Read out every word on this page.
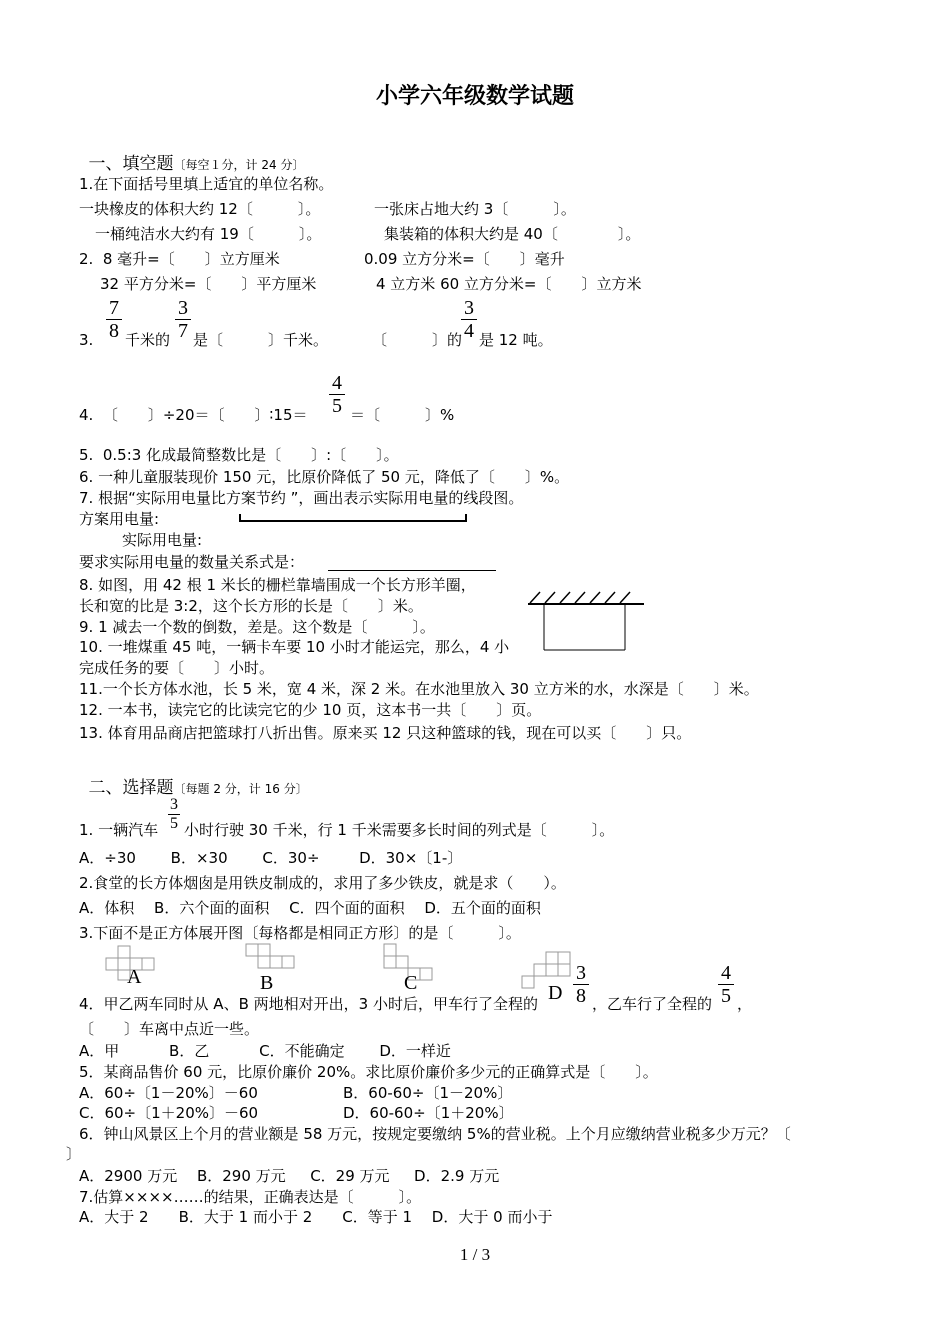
小学六年级数学试题

一、填空题〔每空１分，计 24 分〕

1.在下面括号里填上适宜的单位名称。
一块橡皮的体积大约 12〔　　　〕。	一张床占地大约 3〔　　　〕。
一桶纯洁水大约有 19〔　　　〕。	集装箱的体积大约是 40〔　　　　〕。
2.  8 毫升=〔　　〕立方厘米	0.09 立方分米=〔　　〕毫升
32 平方分米=〔　　〕平方厘米	4 立方米 60 立方分米=〔　　〕立方米
3.
7
8 千米的
3
7 是〔　　　〕千米。	〔　　　〕的
3
4 是 12 吨。
4.  〔　　〕÷20＝〔　　〕∶15＝
4
5 ＝〔　　　〕%
5.  0.5:3 化成最简整数比是〔　　〕:〔　　〕。
6. 一种儿童服装现价 150 元，比原价降低了 50 元，降低了〔　　〕%。
7. 根据“实际用电量比方案节约 ”，画出表示实际用电量的线段图。
方案用电量:
实际用电量:
要求实际用电量的数量关系式是：
8. 如图，用 42 根 1 米长的栅栏靠墙围成一个长方形羊圈，
长和宽的比是 3:2，这个长方形的长是〔　　〕米。
9. 1 减去一个数的倒数，差是。这个数是〔　　　〕。
10. 一堆煤重 45 吨，一辆卡车要 10 小时才能运完，那么，4 小
完成任务的要〔　　〕小时。
11.一个长方体水池，长 5 米，宽 4 米，深 2 米。在水池里放入 30 立方米的水，水深是〔　　〕米。
12. 一本书，读完它的比读完它的少 10 页，这本书一共〔　　〕页。
13. 体育用品商店把篮球打八折出售。原来买 12 只这种篮球的钱，现在可以买〔　　〕只。

二、选择题〔每题 2 分，计 16 分〕

1. 一辆汽车
3
5 小时行驶 30 千米，行 1 千米需要多长时间的列式是〔　　　〕。
A．÷30　　 B．×30　　 C．30÷　　  D．30×〔1-〕
2.食堂的长方体烟囱是用铁皮制成的，求用了多少铁皮，就是求（　　）。
A．体积　 B．六个面的面积　 C．四个面的面积　 D．五个面的面积
3.下面不是正方体展开图〔每格都是相同正方形〕的是〔　　　〕。
A	B	C	D
4．甲乙两车同时从 A、B 两地相对开出，3 小时后，甲车行了全程的
3
8 ，乙车行了全程的
4
5 ，
〔　　〕车离中点近一些。
A．甲　　　 B．乙　　　 C．不能确定　　 D．一样近
5．某商品售价 60 元，比原价廉价 20%。求比原价廉价多少元的正确算式是〔　　〕。
A．60÷〔1－20%〕－60	B．60-60÷〔1－20%〕
C．60÷〔1＋20%〕－60	D．60-60÷〔1＋20%〕
6．钟山风景区上个月的营业额是 58 万元，按规定要缴纳 5%的营业税。上个月应缴纳营业税多少万元？〔
〕
A．2900 万元　 B．290 万元　  C．29 万元　  D．2.9 万元
7.估算××××……的结果，正确表达是〔　　　〕。
A．大于 2　　B．大于 1 而小于 2　　C．等于 1　 D．大于 0 而小于
1 / 3
